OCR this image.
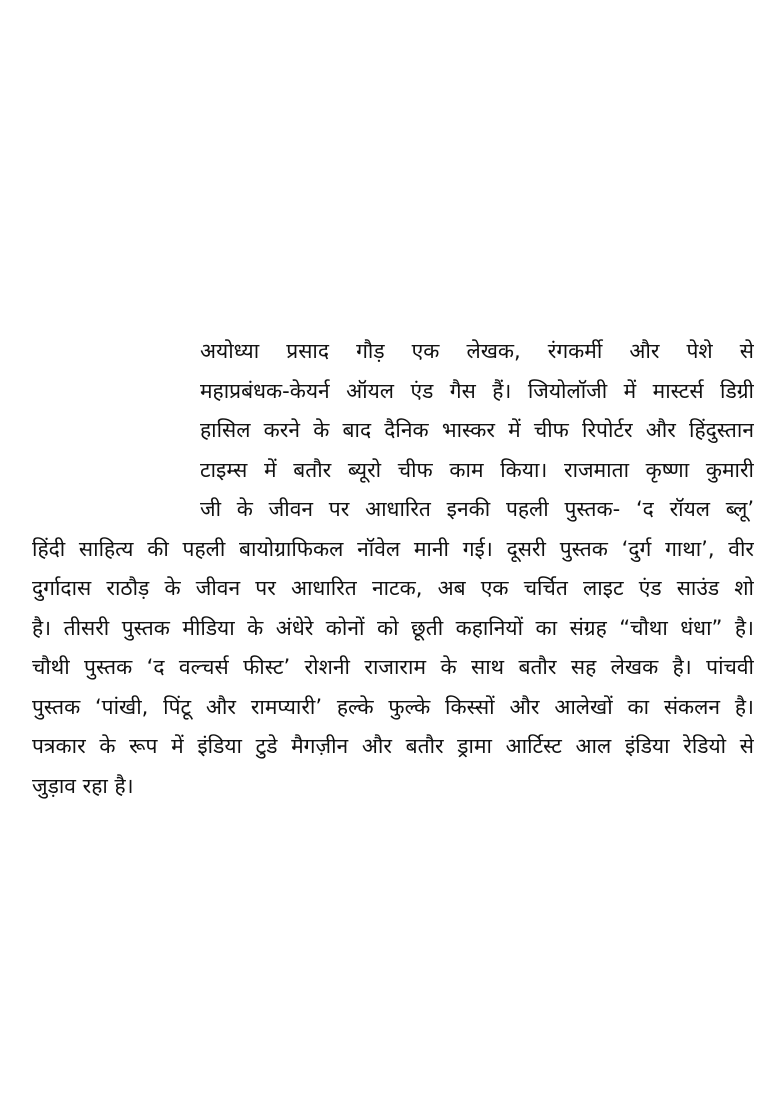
अयोध्या प्रसाद गौड़ एक लेखक, रंगकर्मी और पेशे से
महाप्रबंधक-केयर्न ऑयल एंड गैस हैं। जियोलॉजी में मास्टर्स डिग्री
हासिल करने के बाद दैनिक भास्कर में चीफ रिपोर्टर और हिंदुस्तान
टाइम्स में बतौर ब्यूरो चीफ काम किया। राजमाता कृष्णा कुमारी
जी के जीवन पर आधारित इनकी पहली पुस्तक- ‘द रॉयल ब्लू’
हिंदी साहित्य की पहली बायोग्राफिकल नॉवेल मानी गई। दूसरी पुस्तक ‘दुर्ग गाथा’, वीर
दुर्गादास राठौड़ के जीवन पर आधारित नाटक, अब एक चर्चित लाइट एंड साउंड शो
है। तीसरी पुस्तक मीडिया के अंधेरे कोनों को छूती कहानियों का संग्रह “चौथा धंधा” है।
चौथी पुस्तक ‘द वल्चर्स फीस्ट’ रोशनी राजाराम के साथ बतौर सह लेखक है। पांचवी
पुस्तक ‘पांखी, पिंटू और रामप्यारी’ हल्के फुल्के किस्सों और आलेखों का संकलन है।
पत्रकार के रूप में इंडिया टुडे मैगज़ीन और बतौर ड्रामा आर्टिस्ट आल इंडिया रेडियो से
जुड़ाव रहा है।
